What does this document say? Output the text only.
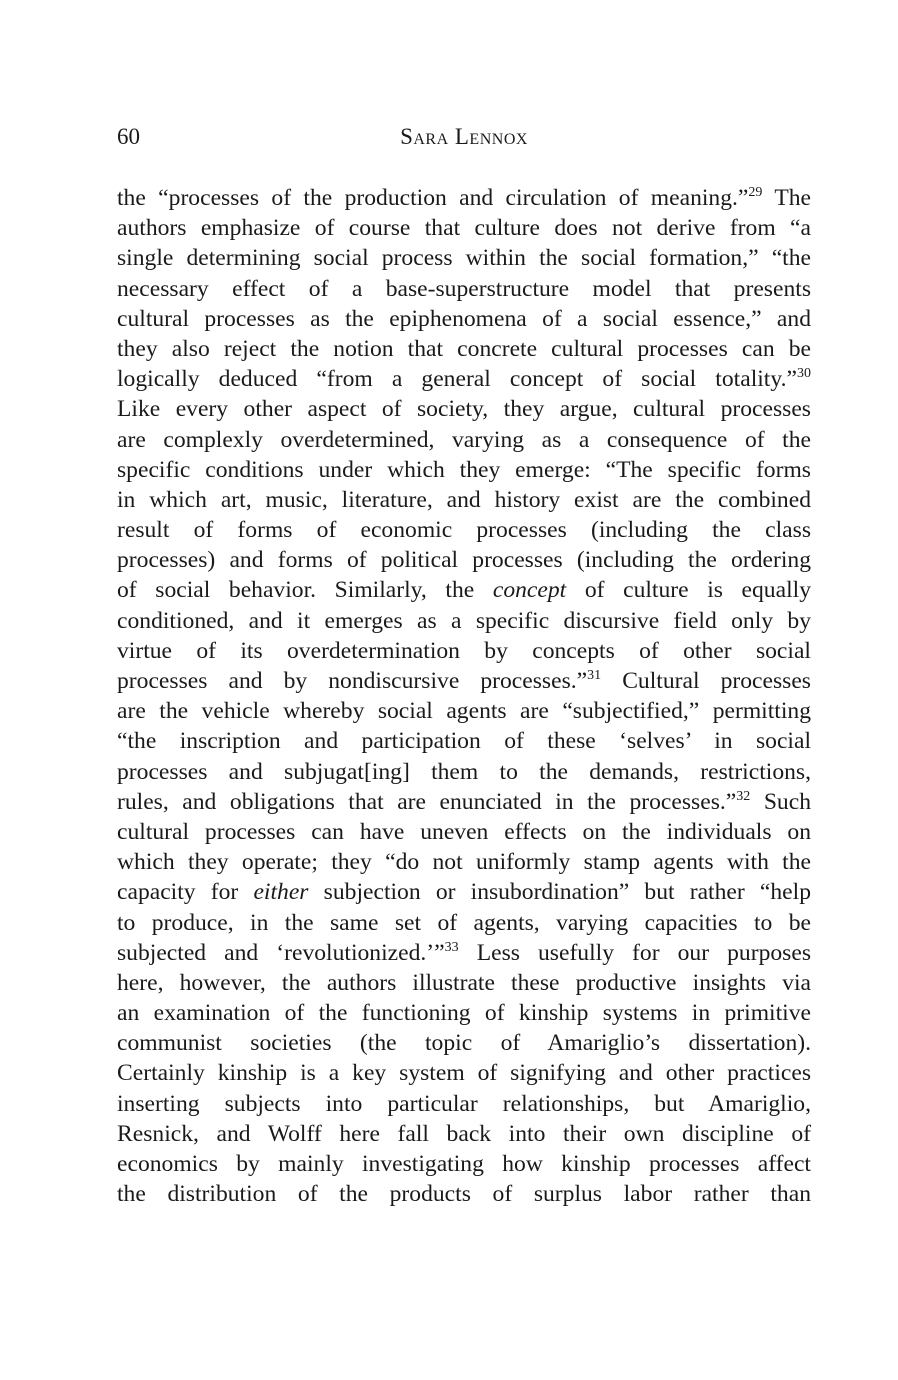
60	Sara Lennox
the “processes of the production and circulation of meaning.”$^{29}$ The
authors emphasize of course that culture does not derive from “a
single determining social process within the social formation,” “the
necessary effect of a base-superstructure model that presents
cultural processes as the epiphenomena of a social essence,” and
they also reject the notion that concrete cultural processes can be
logically deduced “from a general concept of social totality.”$^{30}$
Like every other aspect of society, they argue, cultural processes
are complexly overdetermined, varying as a consequence of the
specific conditions under which they emerge: “The specific forms
in which art, music, literature, and history exist are the combined
result of forms of economic processes (including the class
processes) and forms of political processes (including the ordering
of social behavior. Similarly, the concept of culture is equally
conditioned, and it emerges as a specific discursive field only by
virtue of its overdetermination by concepts of other social
processes and by nondiscursive processes.”$^{31}$ Cultural processes
are the vehicle whereby social agents are “subjectified,” permitting
“the inscription and participation of these ‘selves’ in social
processes and subjugat[ing] them to the demands, restrictions,
rules, and obligations that are enunciated in the processes.”$^{32}$ Such
cultural processes can have uneven effects on the individuals on
which they operate; they “do not uniformly stamp agents with the
capacity for either subjection or insubordination” but rather “help
to produce, in the same set of agents, varying capacities to be
subjected and ‘revolutionized.’”$^{33}$ Less usefully for our purposes
here, however, the authors illustrate these productive insights via
an examination of the functioning of kinship systems in primitive
communist societies (the topic of Amariglio’s dissertation).
Certainly kinship is a key system of signifying and other practices
inserting subjects into particular relationships, but Amariglio,
Resnick, and Wolff here fall back into their own discipline of
economics by mainly investigating how kinship processes affect
the distribution of the products of surplus labor rather than
